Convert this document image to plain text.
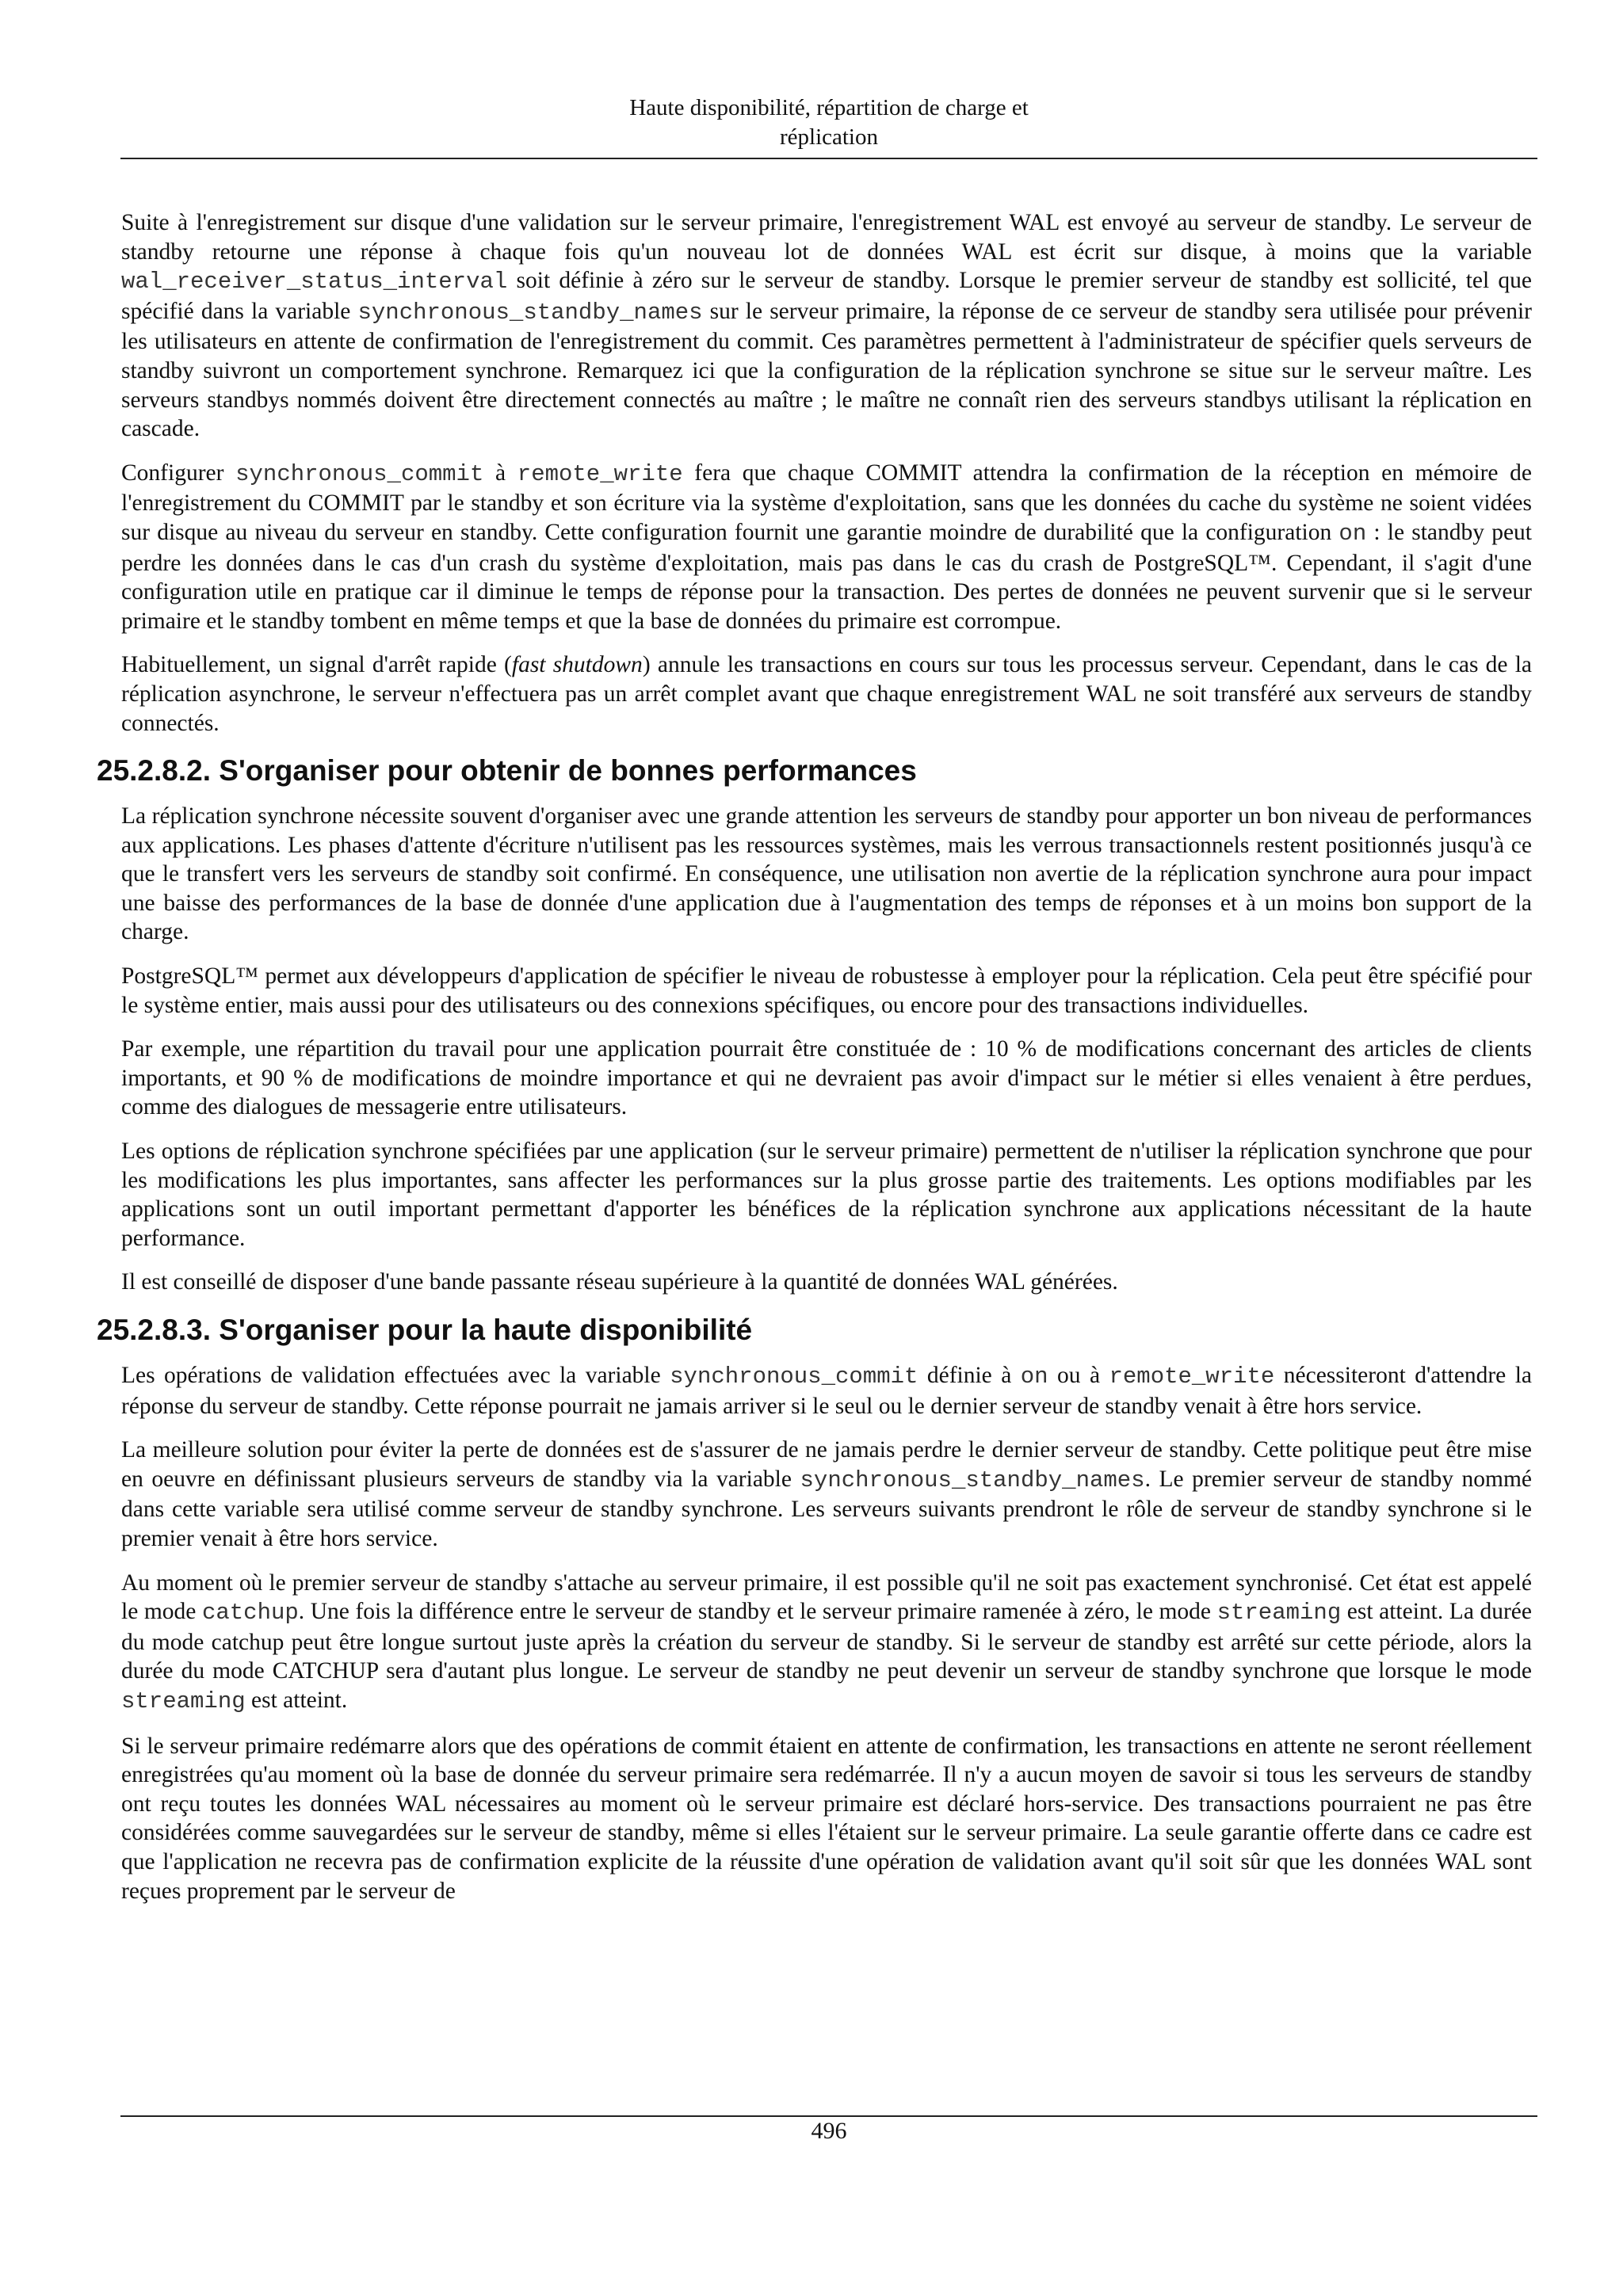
Haute disponibilité, répartition de charge et
réplication

Suite à l'enregistrement sur disque d'une validation sur le serveur primaire, l'enregistrement WAL est envoyé au serveur de standby. Le serveur de standby retourne une réponse à chaque fois qu'un nouveau lot de données WAL est écrit sur disque, à moins que la variable wal_receiver_status_interval soit définie à zéro sur le serveur de standby. Lorsque le premier serveur de standby est sollicité, tel que spécifié dans la variable synchronous_standby_names sur le serveur primaire, la réponse de ce serveur de standby sera utilisée pour prévenir les utilisateurs en attente de confirmation de l'enregistrement du commit. Ces paramètres permettent à l'administrateur de spécifier quels serveurs de standby suivront un comportement synchrone. Remarquez ici que la configuration de la réplication synchrone se situe sur le serveur maître. Les serveurs standbys nommés doivent être directement connectés au maître ; le maître ne connaît rien des serveurs standbys utilisant la réplication en cascade.

Configurer synchronous_commit à remote_write fera que chaque COMMIT attendra la confirmation de la réception en mémoire de l'enregistrement du COMMIT par le standby et son écriture via la système d'exploitation, sans que les données du cache du système ne soient vidées sur disque au niveau du serveur en standby. Cette configuration fournit une garantie moindre de durabilité que la configuration on : le standby peut perdre les données dans le cas d'un crash du système d'exploitation, mais pas dans le cas du crash de PostgreSQL™. Cependant, il s'agit d'une configuration utile en pratique car il diminue le temps de réponse pour la transaction. Des pertes de données ne peuvent survenir que si le serveur primaire et le standby tombent en même temps et que la base de données du primaire est corrompue.

Habituellement, un signal d'arrêt rapide (fast shutdown) annule les transactions en cours sur tous les processus serveur. Cependant, dans le cas de la réplication asynchrone, le serveur n'effectuera pas un arrêt complet avant que chaque enregistrement WAL ne soit transféré aux serveurs de standby connectés.

25.2.8.2. S'organiser pour obtenir de bonnes performances

La réplication synchrone nécessite souvent d'organiser avec une grande attention les serveurs de standby pour apporter un bon niveau de performances aux applications. Les phases d'attente d'écriture n'utilisent pas les ressources systèmes, mais les verrous transactionnels restent positionnés jusqu'à ce que le transfert vers les serveurs de standby soit confirmé. En conséquence, une utilisation non avertie de la réplication synchrone aura pour impact une baisse des performances de la base de donnée d'une application due à l'augmentation des temps de réponses et à un moins bon support de la charge.

PostgreSQL™ permet aux développeurs d'application de spécifier le niveau de robustesse à employer pour la réplication. Cela peut être spécifié pour le système entier, mais aussi pour des utilisateurs ou des connexions spécifiques, ou encore pour des transactions individuelles.

Par exemple, une répartition du travail pour une application pourrait être constituée de : 10 % de modifications concernant des articles de clients importants, et 90 % de modifications de moindre importance et qui ne devraient pas avoir d'impact sur le métier si elles venaient à être perdues, comme des dialogues de messagerie entre utilisateurs.

Les options de réplication synchrone spécifiées par une application (sur le serveur primaire) permettent de n'utiliser la réplication synchrone que pour les modifications les plus importantes, sans affecter les performances sur la plus grosse partie des traitements. Les options modifiables par les applications sont un outil important permettant d'apporter les bénéfices de la réplication synchrone aux applications nécessitant de la haute performance.

Il est conseillé de disposer d'une bande passante réseau supérieure à la quantité de données WAL générées.

25.2.8.3. S'organiser pour la haute disponibilité

Les opérations de validation effectuées avec la variable synchronous_commit définie à on ou à remote_write nécessiteront d'attendre la réponse du serveur de standby. Cette réponse pourrait ne jamais arriver si le seul ou le dernier serveur de standby venait à être hors service.

La meilleure solution pour éviter la perte de données est de s'assurer de ne jamais perdre le dernier serveur de standby. Cette politique peut être mise en oeuvre en définissant plusieurs serveurs de standby via la variable synchronous_standby_names. Le premier serveur de standby nommé dans cette variable sera utilisé comme serveur de standby synchrone. Les serveurs suivants prendront le rôle de serveur de standby synchrone si le premier venait à être hors service.

Au moment où le premier serveur de standby s'attache au serveur primaire, il est possible qu'il ne soit pas exactement synchronisé. Cet état est appelé le mode catchup. Une fois la différence entre le serveur de standby et le serveur primaire ramenée à zéro, le mode streaming est atteint. La durée du mode catchup peut être longue surtout juste après la création du serveur de standby. Si le serveur de standby est arrêté sur cette période, alors la durée du mode CATCHUP sera d'autant plus longue. Le serveur de standby ne peut devenir un serveur de standby synchrone que lorsque le mode streaming est atteint.

Si le serveur primaire redémarre alors que des opérations de commit étaient en attente de confirmation, les transactions en attente ne seront réellement enregistrées qu'au moment où la base de donnée du serveur primaire sera redémarrée. Il n'y a aucun moyen de savoir si tous les serveurs de standby ont reçu toutes les données WAL nécessaires au moment où le serveur primaire est déclaré hors-service. Des transactions pourraient ne pas être considérées comme sauvegardées sur le serveur de standby, même si elles l'étaient sur le serveur primaire. La seule garantie offerte dans ce cadre est que l'application ne recevra pas de confirmation explicite de la réussite d'une opération de validation avant qu'il soit sûr que les données WAL sont reçues proprement par le serveur de

496
